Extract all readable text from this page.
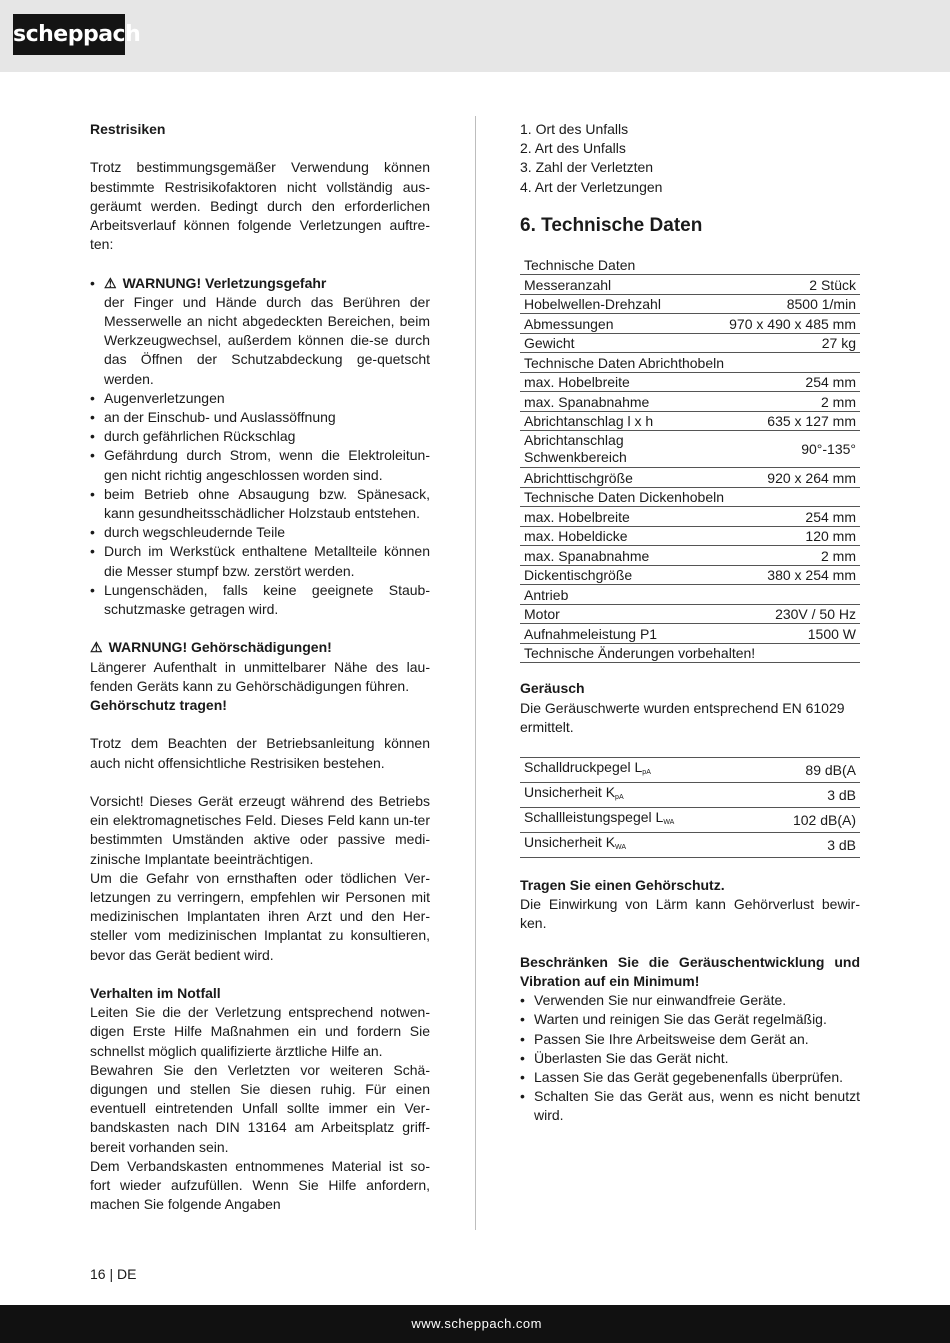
scheppach

Restrisiken

Trotz bestimmungsgemäßer Verwendung können bestimmte Restrisikofaktoren nicht vollständig aus-geräumt werden. Bedingt durch den erforderlichen Arbeitsverlauf können folgende Verletzungen auftre-ten:

• ⚠ WARNUNG! Verletzungsgefahr
der Finger und Hände durch das Berühren der Messerwelle an nicht abgedeckten Bereichen, beim Werkzeugwechsel, außerdem können die-se durch das Öffnen der Schutzabdeckung ge-quetscht werden.
• Augenverletzungen
• an der Einschub- und Auslassöffnung
• durch gefährlichen Rückschlag
• Gefährdung durch Strom, wenn die Elektroleitun-gen nicht richtig angeschlossen worden sind.
• beim Betrieb ohne Absaugung bzw. Spänesack, kann gesundheitsschädlicher Holzstaub entstehen.
• durch wegschleudernde Teile
• Durch im Werkstück enthaltene Metallteile können die Messer stumpf bzw. zerstört werden.
• Lungenschäden, falls keine geeignete Staub-schutzmaske getragen wird.

⚠ WARNUNG! Gehörschädigungen!

Längerer Aufenthalt in unmittelbarer Nähe des lau-fenden Geräts kann zu Gehörschädigungen führen.

Gehörschutz tragen!

Trotz dem Beachten der Betriebsanleitung können auch nicht offensichtliche Restrisiken bestehen.

Vorsicht! Dieses Gerät erzeugt während des Betriebs ein elektromagnetisches Feld. Dieses Feld kann un-ter bestimmten Umständen aktive oder passive medi-zinische Implantate beeinträchtigen.

Um die Gefahr von ernsthaften oder tödlichen Ver-letzungen zu verringern, empfehlen wir Personen mit medizinischen Implantaten ihren Arzt und den Her-steller vom medizinischen Implantat zu konsultieren, bevor das Gerät bedient wird.

Verhalten im Notfall

Leiten Sie die der Verletzung entsprechend notwen-digen Erste Hilfe Maßnahmen ein und fordern Sie schnellst möglich qualifizierte ärztliche Hilfe an.

Bewahren Sie den Verletzten vor weiteren Schä-digungen und stellen Sie diesen ruhig. Für einen eventuell eintretenden Unfall sollte immer ein Ver-bandskasten nach DIN 13164 am Arbeitsplatz griff-bereit vorhanden sein.

Dem Verbandskasten entnommenes Material ist so-fort wieder aufzufüllen. Wenn Sie Hilfe anfordern, machen Sie folgende Angaben

1. Ort des Unfalls
2. Art des Unfalls
3. Zahl der Verletzten
4. Art der Verletzungen
6. Technische Daten
Technische Daten	
Messeranzahl	2 Stück
Hobelwellen-Drehzahl	8500 1/min
Abmessungen	970 x 490 x 485 mm
Gewicht	27 kg
Technische Daten Abrichthobeln	
max. Hobelbreite	254 mm
max. Spanabnahme	2 mm
Abrichtanschlag l x h	635 x 127 mm
Abrichtanschlag Schwenkbereich	90°-135°
Abrichttischgröße	920 x 264 mm
Technische Daten Dickenhobeln	
max. Hobelbreite	254 mm
max. Hobeldicke	120 mm
max. Spanabnahme	2 mm
Dickentischgröße	380 x 254 mm
Antrieb	
Motor	230V / 50 Hz
Aufnahmeleistung P1	1500 W
Technische Änderungen vorbehalten!	

Geräusch

Die Geräuschwerte wurden entsprechend EN 61029 ermittelt.

Schalldruckpegel $L_{pA}$	89 dB(A
Unsicherheit $K_{pA}$	3 dB
Schallleistungspegel $L_{WA}$	102 dB(A)
Unsicherheit $K_{WA}$	3 dB

Tragen Sie einen Gehörschutz.

Die Einwirkung von Lärm kann Gehörverlust bewir-ken.

Beschränken Sie die Geräuschentwicklung und Vibration auf ein Minimum!

• Verwenden Sie nur einwandfreie Geräte.
• Warten und reinigen Sie das Gerät regelmäßig.
• Passen Sie Ihre Arbeitsweise dem Gerät an.
• Überlasten Sie das Gerät nicht.
• Lassen Sie das Gerät gegebenenfalls überprüfen.
• Schalten Sie das Gerät aus, wenn es nicht benutzt wird.
16 | DE
www.scheppach.com
